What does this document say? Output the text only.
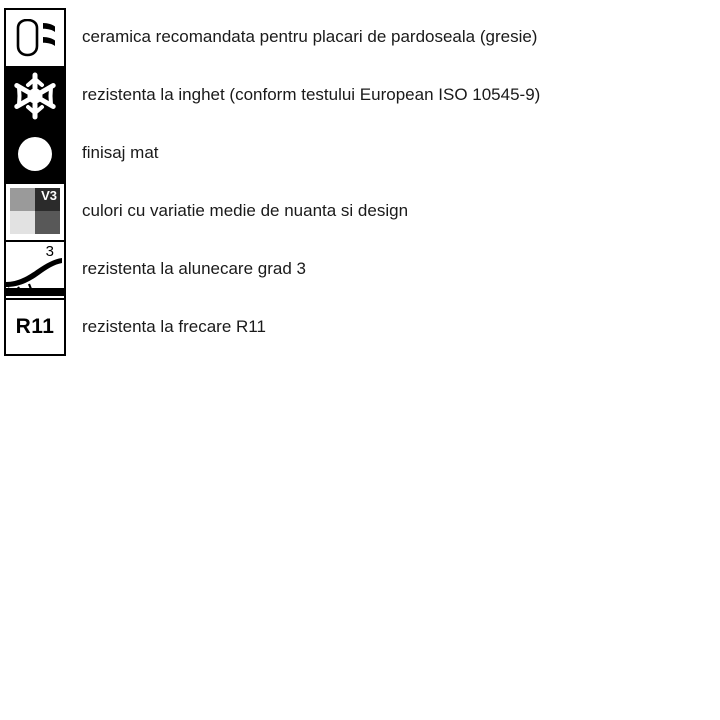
ceramica recomandata pentru placari de pardoseala (gresie)
rezistenta la inghet (conform testului European ISO 10545-9)
finisaj mat
V3
culori cu variatie medie de nuanta si design
3
rezistenta la alunecare grad 3
R11	rezistenta la frecare R11
